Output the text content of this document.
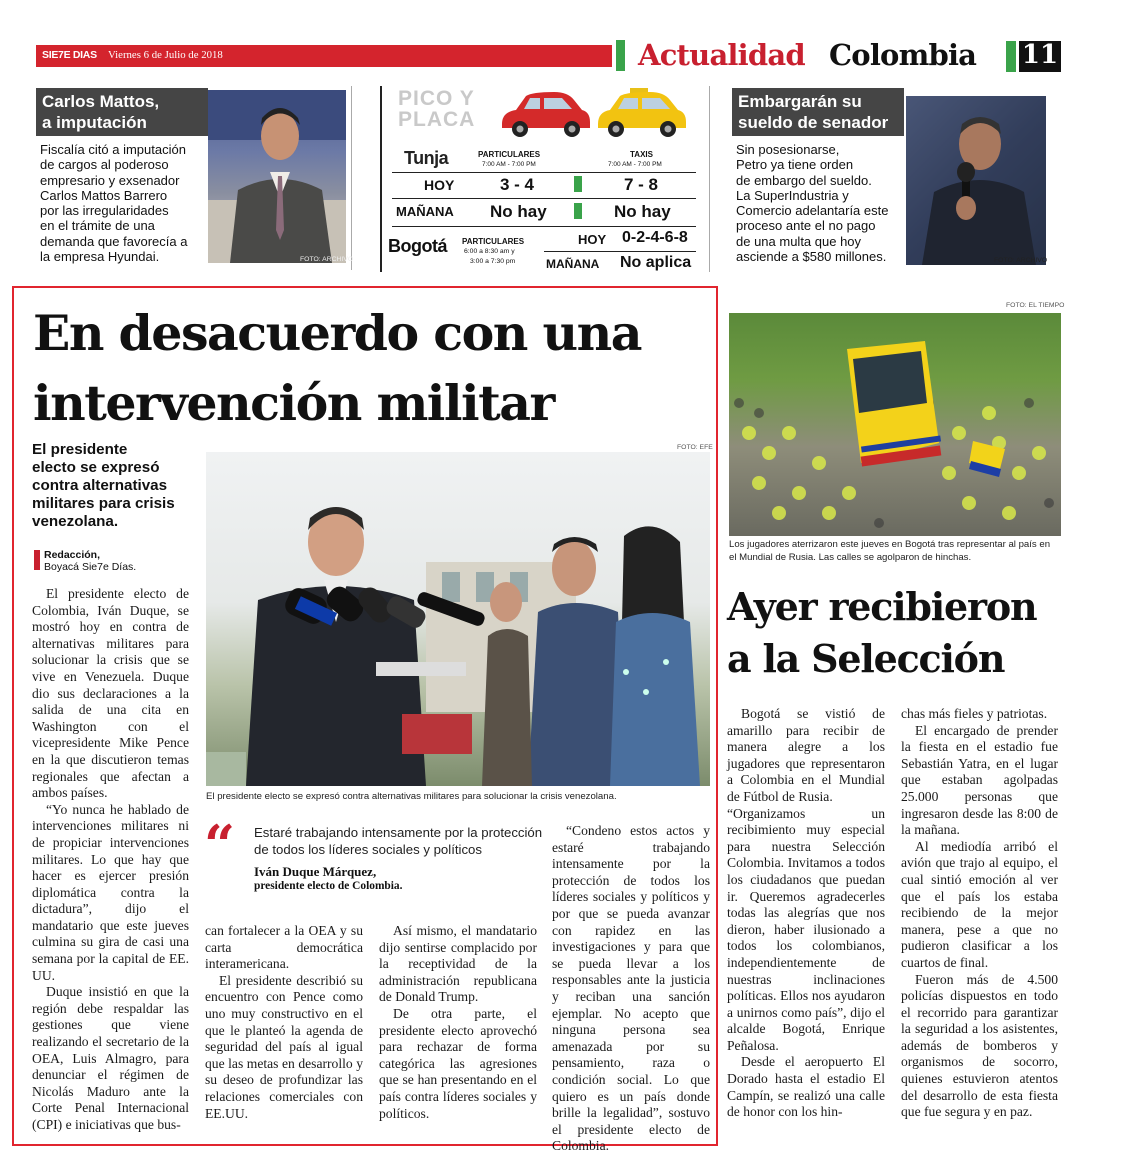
SIE7E DIAS Viernes 6 de Julio de 2018	Actualidad Colombia 11
Carlos Mattos,
a imputación
Fiscalía citó a imputación
de cargos al poderoso
empresario y exsenador
Carlos Mattos Barrero
por las irregularidades
en el trámite de una
demanda que favorecía a
la empresa Hyundai.	FOTO: ARCHIVO
PICO Y
PLACA
Tunja	PARTICULARES
7:00 AM - 7:00 PM
TAXIS
7:00 AM - 7:00 PM
HOY	3 - 4	7 - 8
MAÑANA No hay	No hay
Bogotá PARTICULARES
6:00 a 8:30 am y
3:00 a 7:30 pm
HOY 0-2-4-6-8
MAÑANA No aplica
Embargarán su
sueldo de senador
Sin posesionarse,
Petro ya tiene orden
de embargo del sueldo.
La SuperIndustria y
Comercio adelantaría este
proceso ante el no pago
de una multa que hoy
asciende a $580 millones.	FOTO: ARCHIVO
En desacuerdo con una
intervención militar
El presidente
electo se expresó
contra alternativas
militares para crisis
venezolana.
Redacción,
Boyacá Sie7e Días.
FOTO: EFE
El presidente electo se expresó contra alternativas militares para solucionar la crisis venezolana.

El presidente electo de Colombia, Iván Duque, se mostró hoy en contra de alternativas militares para solucionar la crisis que se vive en Venezuela. Duque dio sus declaraciones a la salida de una cita en Washington con el vicepresidente Mike Pence en la que discutieron temas regionales que afectan a ambos países.

“Yo nunca he hablado de intervenciones militares ni de propiciar intervenciones militares. Lo que hay que hacer es ejercer presión diplomática contra la dictadura”, dijo el mandatario que este jueves culmina su gira de casi una semana por la capital de EE. UU.

Duque insistió en que la región debe respaldar las gestiones que viene realizando el secretario de la OEA, Luis Almagro, para denunciar el régimen de Nicolás Maduro ante la Corte Penal Internacional (CPI) e iniciativas que bus-

“ Estaré trabajando intensamente por la protección de todos los líderes sociales y políticos
Iván Duque Márquez,
presidente electo de Colombia.

can fortalecer a la OEA y su carta democrática interamericana.

El presidente describió su encuentro con Pence como uno muy constructivo en el que le planteó la agenda de seguridad del país al igual que las metas en desarrollo y su deseo de profundizar las relaciones comerciales con EE.UU.

Así mismo, el mandatario dijo sentirse complacido por la receptividad de la administración republicana de Donald Trump.

De otra parte, el presidente electo aprovechó para rechazar de forma categórica las agresiones que se han presentando en el país contra líderes sociales y políticos.

“Condeno estos actos y estaré trabajando intensamente por la protección de todos los líderes sociales y políticos y por que se pueda avanzar con rapidez en las investigaciones y para que se pueda llevar a los responsables ante la justicia y reciban una sanción ejemplar. No acepto que ninguna persona sea amenazada por su pensamiento, raza o condición social. Lo que quiero es un país donde brille la legalidad”, sostuvo el presidente electo de Colombia.

FOTO: EL TIEMPO
Los jugadores aterrizaron este jueves en Bogotá tras representar al país en el Mundial de Rusia. Las calles se agolparon de hinchas.
Ayer recibieron
a la Selección

Bogotá se vistió de amarillo para recibir de manera alegre a los jugadores que representaron a Colombia en el Mundial de Fútbol de Rusia.

“Organizamos un recibimiento muy especial para nuestra Selección Colombia. Invitamos a todos los ciudadanos que puedan ir. Queremos agradecerles todas las alegrías que nos dieron, haber ilusionado a todos los colombianos, independientemente de nuestras inclinaciones políticas. Ellos nos ayudaron a unirnos como país”, dijo el alcalde Bogotá, Enrique Peñalosa.

Desde el aeropuerto El Dorado hasta el estadio El Campín, se realizó una calle de honor con los hin-

chas más fieles y patriotas.

El encargado de prender la fiesta en el estadio fue Sebastián Yatra, en el lugar que estaban agolpadas 25.000 personas que ingresaron desde las 8:00 de la mañana.

Al mediodía arribó el avión que trajo al equipo, el cual sintió emoción al ver que el país los estaba recibiendo de la mejor manera, pese a que no pudieron clasificar a los cuartos de final.

Fueron más de 4.500 policías dispuestos en todo el recorrido para garantizar la seguridad a los asistentes, además de bomberos y organismos de socorro, quienes estuvieron atentos del desarrollo de esta fiesta que fue segura y en paz.
